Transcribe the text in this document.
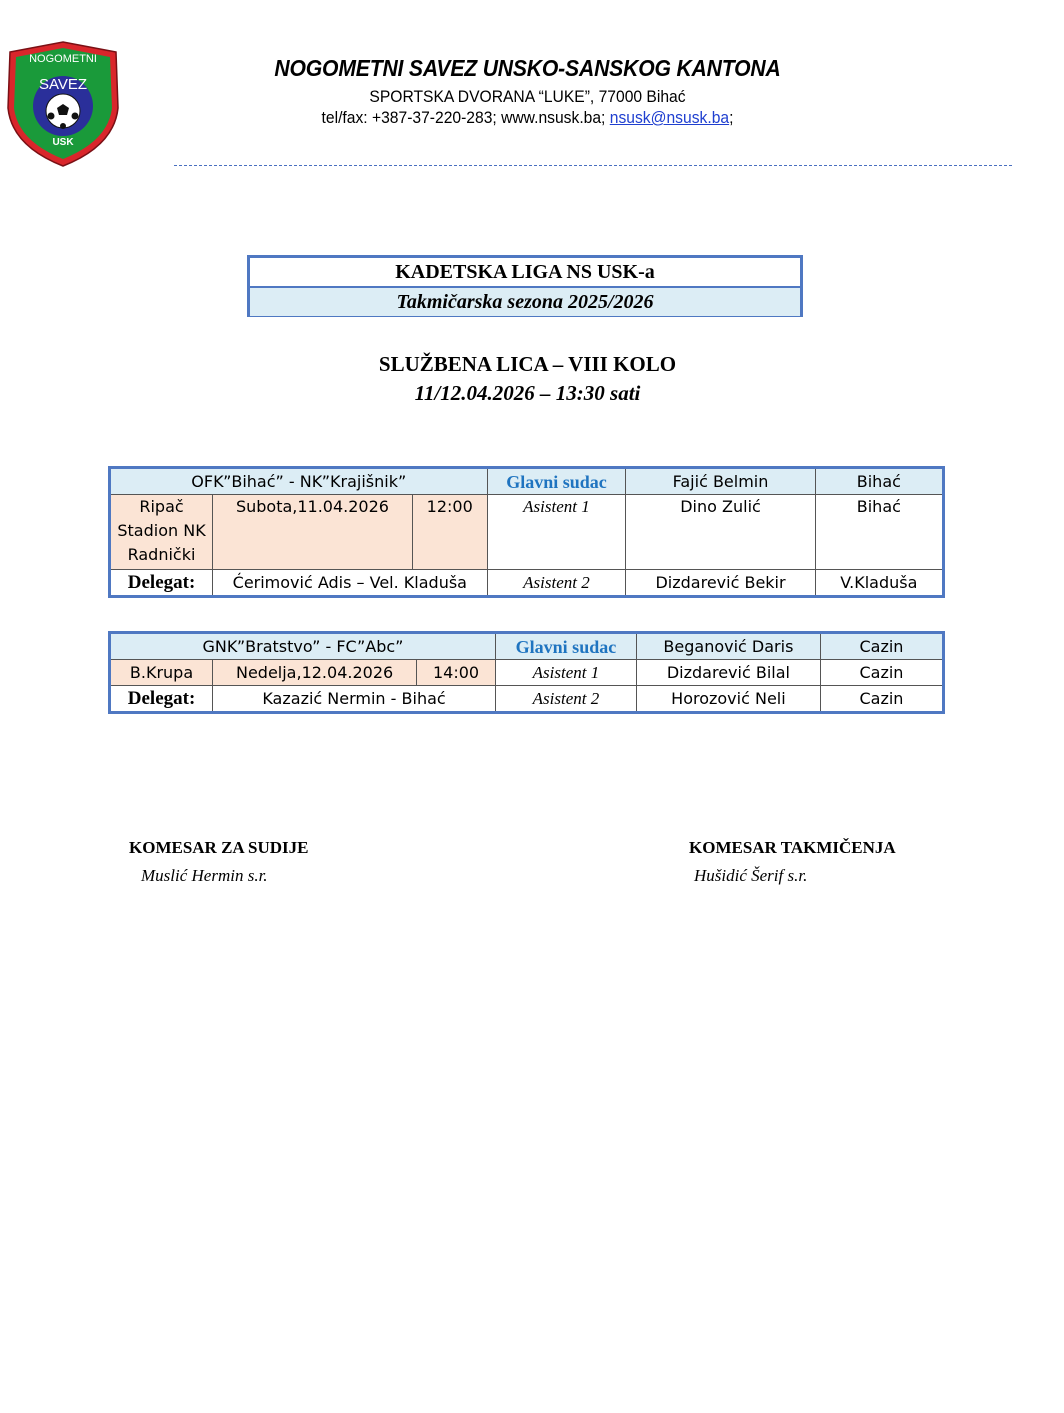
NOGOMETNI
SAVEZ
USK
NOGOMETNI SAVEZ UNSKO-SANSKOG KANTONA
SPORTSKA DVORANA “LUKE”, 77000 Bihać
tel/fax: +387-37-220-283; www.nsusk.ba; nsusk@nsusk.ba;
KADETSKA LIGA NS USK-a
Takmičarska sezona 2025/2026
SLUŽBENA LICA – VIII KOLO
11/12.04.2026 – 13:30 sati
OFK”Bihać” - NK”Krajišnik”			Glavni sudac	Fajić Belmin	Bihać
Ripač Stadion NK Radnički	Subota,11.04.2026	12:00	Asistent 1	Dino Zulić	Bihać
Delegat:	Ćerimović Adis – Vel. Kladuša		Asistent 2	Dizdarević Bekir	V.Kladuša
GNK”Bratstvo” - FC”Abc”			Glavni sudac	Beganović Daris	Cazin
B.Krupa	Nedelja,12.04.2026	14:00	Asistent 1	Dizdarević Bilal	Cazin
Delegat:	Kazazić Nermin - Bihać		Asistent 2	Horozović Neli	Cazin
KOMESAR ZA SUDIJE
Muslić Hermin s.r.
KOMESAR TAKMIČENJA
Hušidić Šerif s.r.
